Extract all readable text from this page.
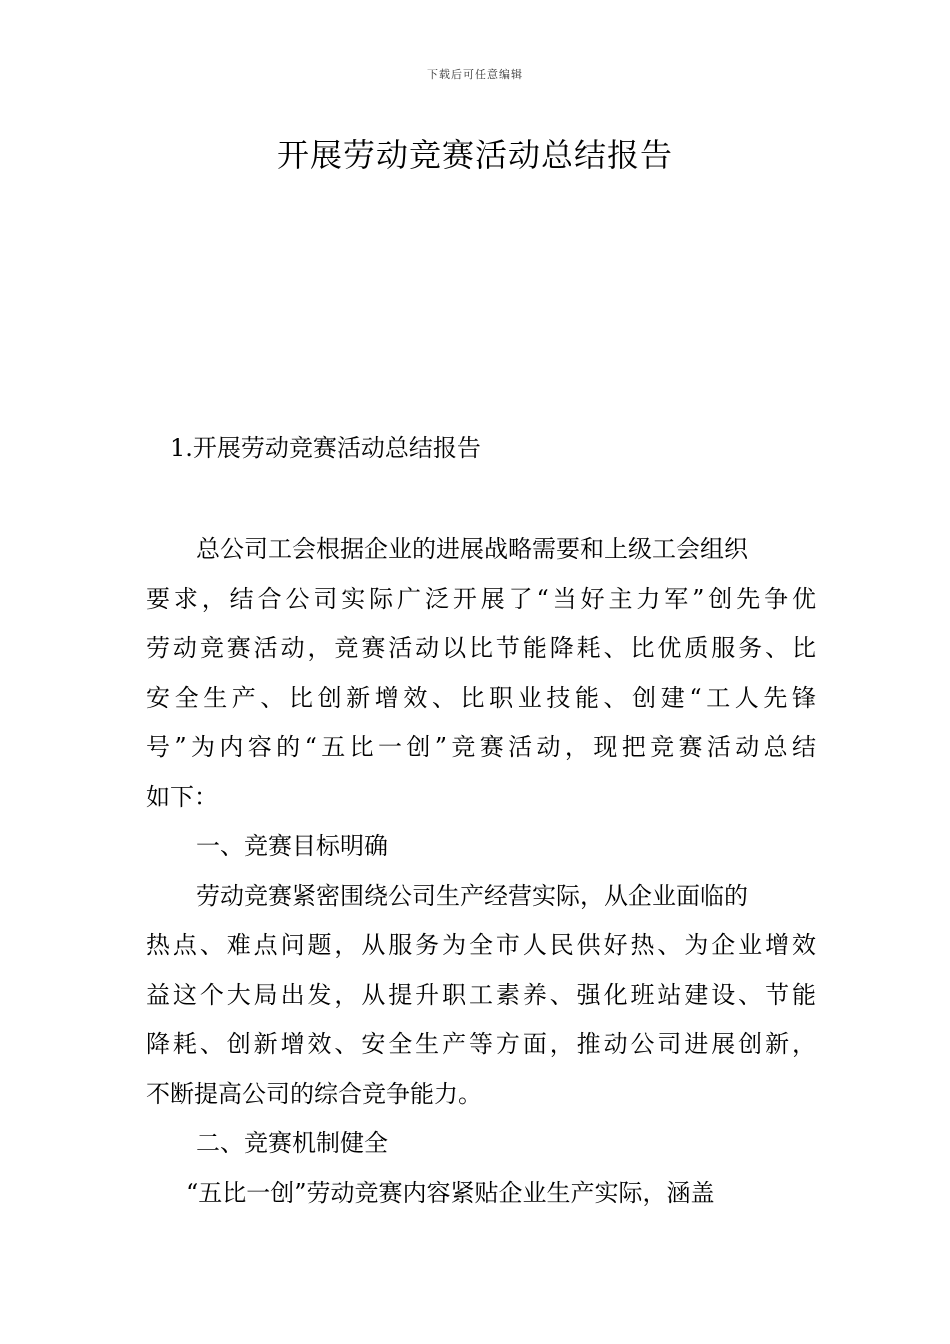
下载后可任意编辑
开展劳动竞赛活动总结报告
1.开展劳动竞赛活动总结报告
总公司工会根据企业的进展战略需要和上级工会组织
要求，结合公司实际广泛开展了“当好主力军”创先争优
劳动竞赛活动，竞赛活动以比节能降耗、比优质服务、比
安全生产、比创新增效、比职业技能、创建“工人先锋
号”为内容的“五比一创”竞赛活动，现把竞赛活动总结
如下：
一、竞赛目标明确
劳动竞赛紧密围绕公司生产经营实际，从企业面临的
热点、难点问题，从服务为全市人民供好热、为企业增效
益这个大局出发，从提升职工素养、强化班站建设、节能
降耗、创新增效、安全生产等方面，推动公司进展创新，
不断提高公司的综合竞争能力。
二、竞赛机制健全
“五比一创”劳动竞赛内容紧贴企业生产实际，涵盖
